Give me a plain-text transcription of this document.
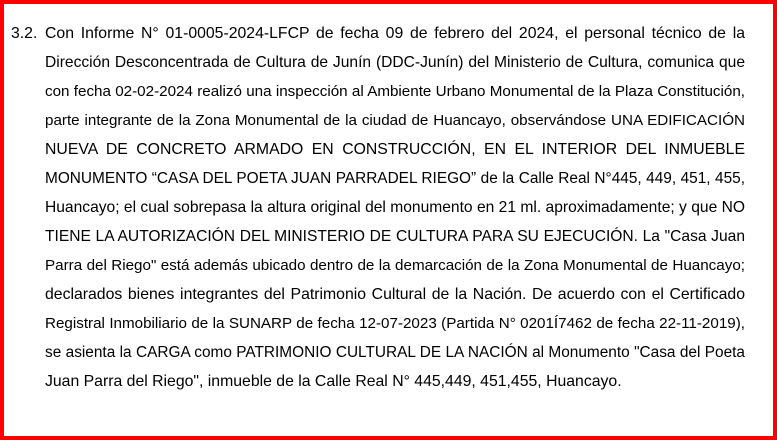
3.2. Con Informe N° 01-0005-2024-LFCP de fecha 09 de febrero del 2024, el personal técnico de la
Dirección Desconcentrada de Cultura de Junín (DDC-Junín) del Ministerio de Cultura, comunica que
con fecha 02-02-2024 realizó una inspección al Ambiente Urbano Monumental de la Plaza Constitución,
parte integrante de la Zona Monumental de la ciudad de Huancayo, observándose UNA EDIFICACIÓN
NUEVA DE CONCRETO ARMADO EN CONSTRUCCIÓN, EN EL INTERIOR DEL INMUEBLE
MONUMENTO “CASA DEL POETA JUAN PARRADEL RIEGO” de la Calle Real N°445, 449, 451, 455,
Huancayo; el cual sobrepasa la altura original del monumento en 21 ml. aproximadamente; y que NO
TIENE LA AUTORIZACIÓN DEL MINISTERIO DE CULTURA PARA SU EJECUCIÓN. La "Casa Juan
Parra del Riego" está además ubicado dentro de la demarcación de la Zona Monumental de Huancayo;
declarados bienes integrantes del Patrimonio Cultural de la Nación. De acuerdo con el Certificado
Registral Inmobiliario de la SUNARP de fecha 12-07-2023 (Partida N° 0201Í7462 de fecha 22-11-2019),
se asienta la CARGA como PATRIMONIO CULTURAL DE LA NACIÓN al Monumento "Casa del Poeta
Juan Parra del Riego", inmueble de la Calle Real N° 445,449, 451,455, Huancayo.
